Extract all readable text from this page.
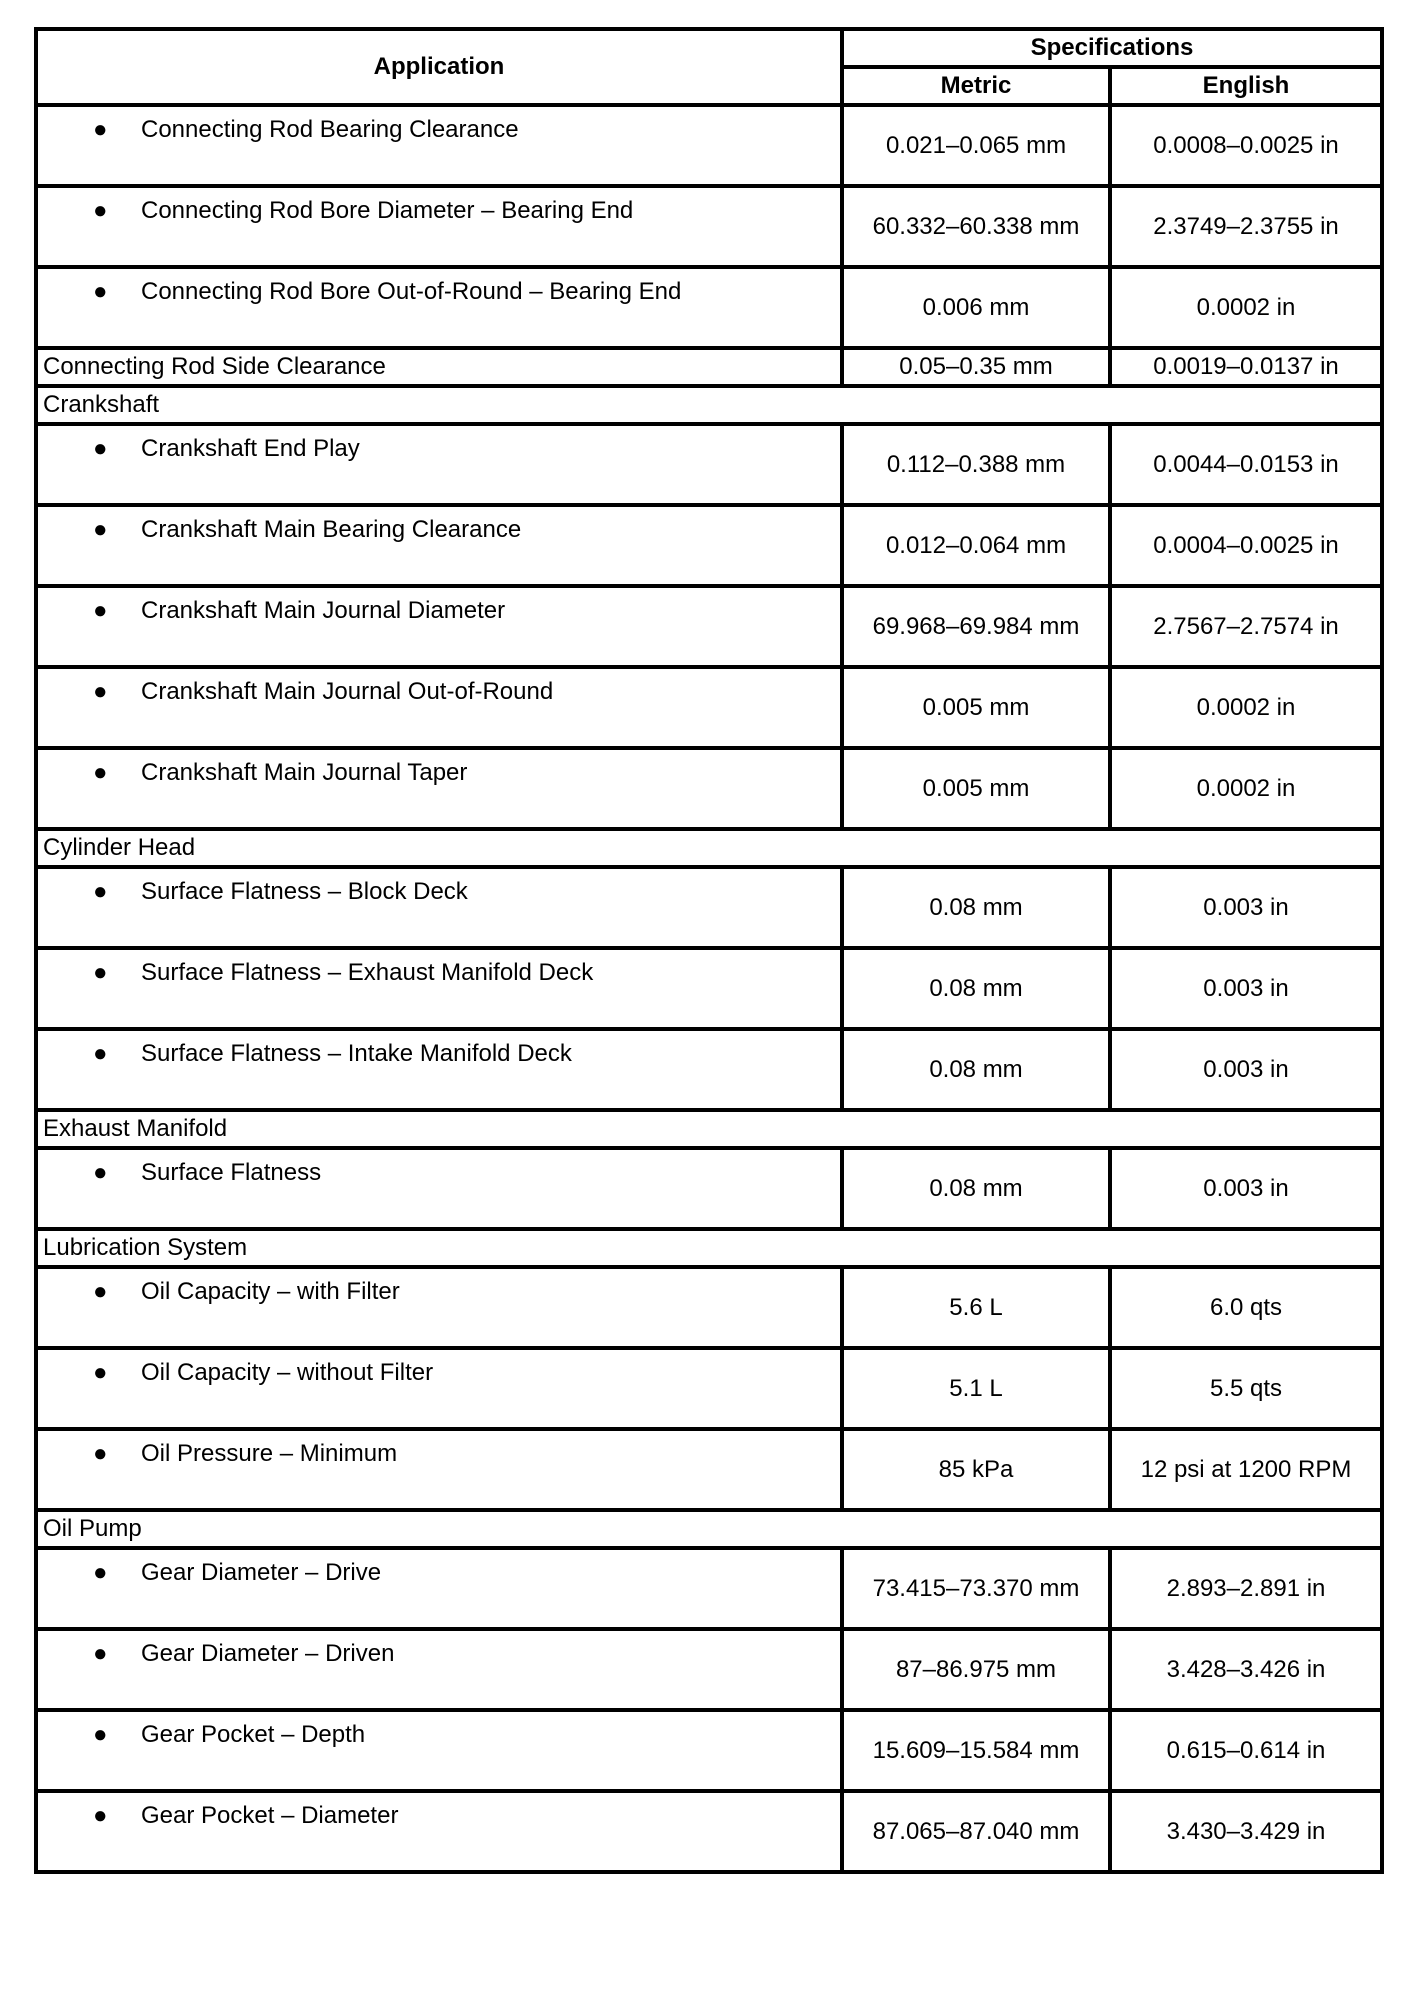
Application	Specifications	
	Metric	English

● Connecting Rod Bearing Clearance	0.021–0.065 mm	0.0008–0.0025 in

● Connecting Rod Bore Diameter – Bearing End	60.332–60.338 mm	2.3749–2.3755 in

● Connecting Rod Bore Out-of-Round – Bearing End	0.006 mm	0.0002 in
Connecting Rod Side Clearance	0.05–0.35 mm	0.0019–0.0137 in
Crankshaft		

● Crankshaft End Play	0.112–0.388 mm	0.0044–0.0153 in

● Crankshaft Main Bearing Clearance	0.012–0.064 mm	0.0004–0.0025 in

● Crankshaft Main Journal Diameter	69.968–69.984 mm	2.7567–2.7574 in

● Crankshaft Main Journal Out-of-Round	0.005 mm	0.0002 in

● Crankshaft Main Journal Taper	0.005 mm	0.0002 in
Cylinder Head		

● Surface Flatness – Block Deck	0.08 mm	0.003 in

● Surface Flatness – Exhaust Manifold Deck	0.08 mm	0.003 in

● Surface Flatness – Intake Manifold Deck	0.08 mm	0.003 in
Exhaust Manifold		

● Surface Flatness	0.08 mm	0.003 in
Lubrication System		

● Oil Capacity – with Filter	5.6 L	6.0 qts

● Oil Capacity – without Filter	5.1 L	5.5 qts

● Oil Pressure – Minimum	85 kPa	12 psi at 1200 RPM
Oil Pump		

● Gear Diameter – Drive	73.415–73.370 mm	2.893–2.891 in

● Gear Diameter – Driven	87–86.975 mm	3.428–3.426 in

● Gear Pocket – Depth	15.609–15.584 mm	0.615–0.614 in

● Gear Pocket – Diameter	87.065–87.040 mm	3.430–3.429 in
